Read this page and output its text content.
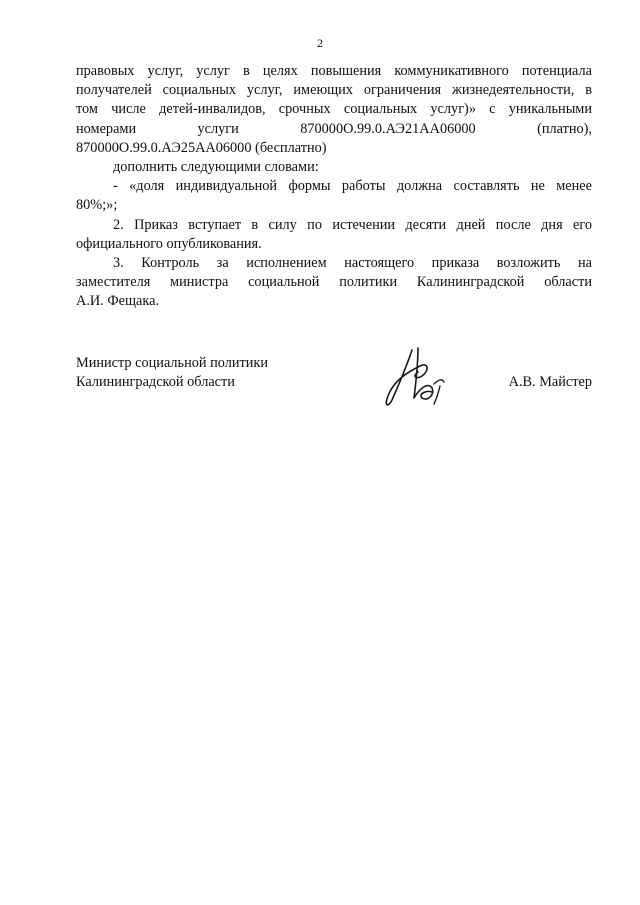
2
правовых услуг, услуг в целях повышения коммуникативного потенциала
получателей социальных услуг, имеющих ограничения жизнедеятельности, в
том числе детей-инвалидов, срочных социальных услуг)» с уникальными
номерами услуги 870000О.99.0.АЭ21АА06000 (платно),
870000О.99.0.АЭ25АА06000 (бесплатно)
дополнить следующими словами:
- «доля индивидуальной формы работы должна составлять не менее
80%;»;
2. Приказ вступает в силу по истечении десяти дней после дня его
официального опубликования.
3. Контроль за исполнением настоящего приказа возложить на
заместителя министра социальной политики Калининградской области
А.И. Фещака.
Министр социальной политики
Калининградской области	А.В. Майстер
